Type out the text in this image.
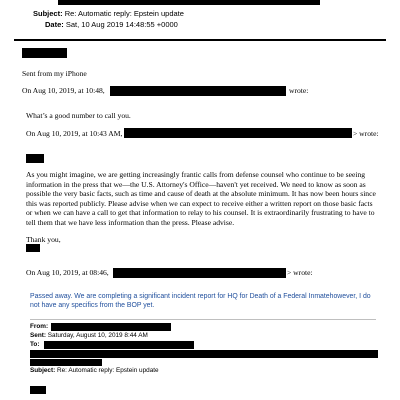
Subject: Re: Automatic reply: Epstein update
Date: Sat, 10 Aug 2019 14:48:55 +0000
Sent from my iPhone
On Aug 10, 2019, at 10:48,	wrote:
What’s a good number to call you.
On Aug 10, 2019, at 10:43 AM,	> wrote:
As you might imagine, we are getting increasingly frantic calls from defense counsel who continue to be seeing information in the press that we—the U.S. Attorney's Office—haven't yet received. We need to know as soon as possible the very basic facts, such as time and cause of death at the absolute minimum. It has now been hours since this was reported publicly. Please advise when we can expect to receive either a written report on those basic facts or when we can have a call to get that information to relay to his counsel. It is extraordinarily frustrating to have to tell them that we have less information than the press. Please advise.
Thank you,
On Aug 10, 2019, at 08:46,	> wrote:
Passed away. We are completing a significant incident report for HQ for Death of a Federal Inmatehowever, I do not have any specifics from the BOP yet.
From:
Sent: Saturday, August 10, 2019 8:44 AM
To:
Subject: Re: Automatic reply: Epstein update
